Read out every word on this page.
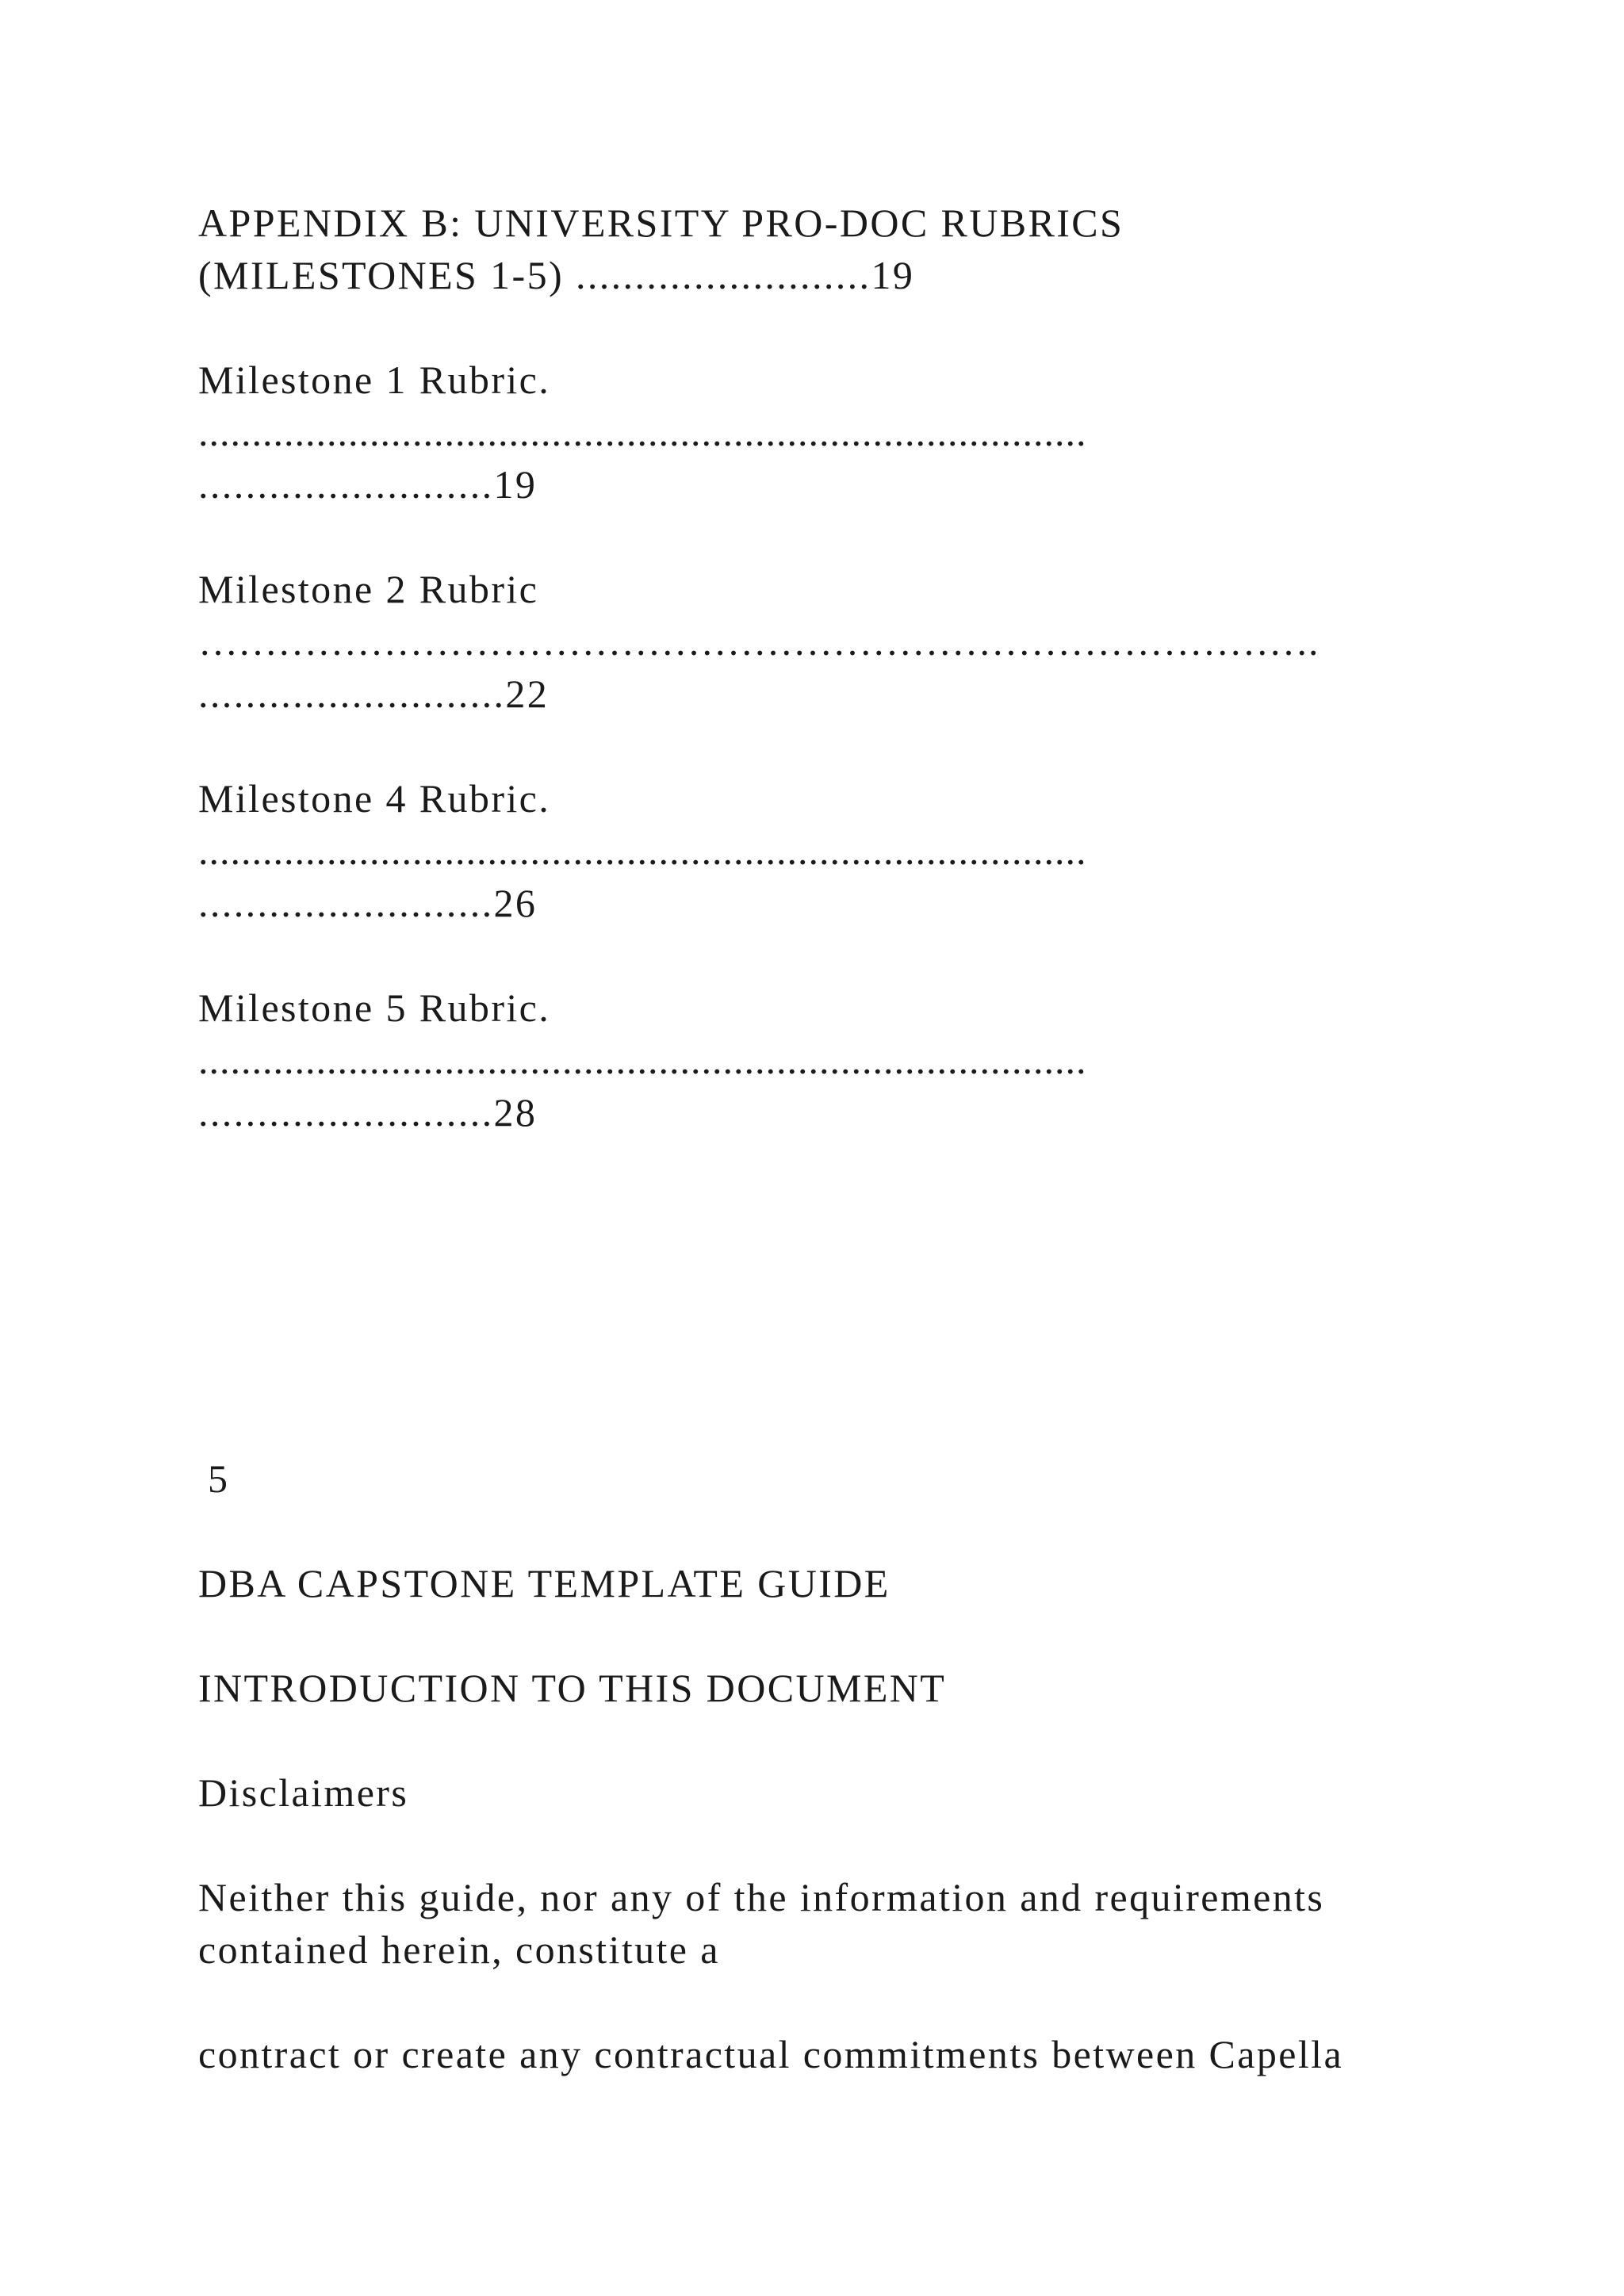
APPENDIX B: UNIVERSITY PRO-DOC RUBRICS

(MILESTONES 1-5) .........................19

Milestone 1 Rubric.

...................................................................................

.........................19

Milestone 2 Rubric

………………………………………………………………………….

..........................22

Milestone 4 Rubric.

...................................................................................

.........................26

Milestone 5 Rubric.

...................................................................................

.........................28

5

DBA CAPSTONE TEMPLATE GUIDE

INTRODUCTION TO THIS DOCUMENT

Disclaimers

Neither this guide, nor any of the information and requirements

contained herein, constitute a

contract or create any contractual commitments between Capella
